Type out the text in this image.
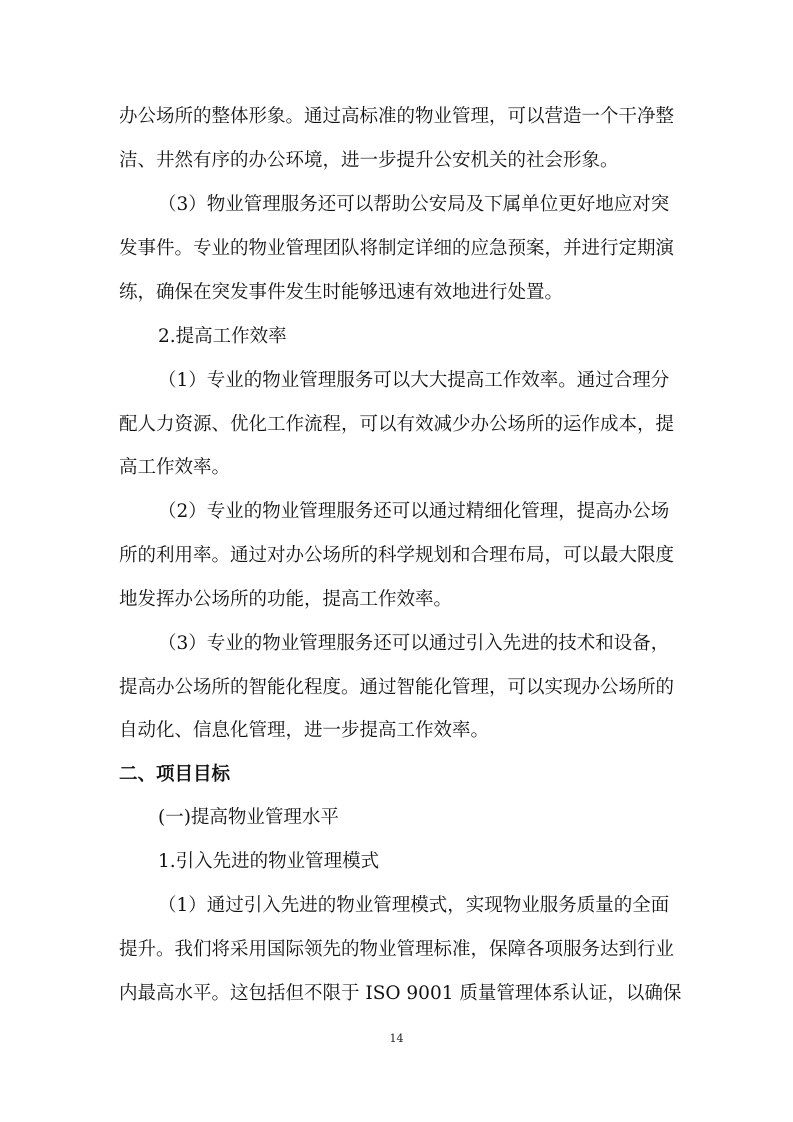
办公场所的整体形象。通过高标准的物业管理，可以营造一个干净整
洁、井然有序的办公环境，进一步提升公安机关的社会形象。
（3）物业管理服务还可以帮助公安局及下属单位更好地应对突
发事件。专业的物业管理团队将制定详细的应急预案，并进行定期演
练，确保在突发事件发生时能够迅速有效地进行处置。
2.提高工作效率
（1）专业的物业管理服务可以大大提高工作效率。通过合理分
配人力资源、优化工作流程，可以有效减少办公场所的运作成本，提
高工作效率。
（2）专业的物业管理服务还可以通过精细化管理，提高办公场
所的利用率。通过对办公场所的科学规划和合理布局，可以最大限度
地发挥办公场所的功能，提高工作效率。
（3）专业的物业管理服务还可以通过引入先进的技术和设备，
提高办公场所的智能化程度。通过智能化管理，可以实现办公场所的
自动化、信息化管理，进一步提高工作效率。
二、项目目标
(一)提高物业管理水平
1.引入先进的物业管理模式
（1）通过引入先进的物业管理模式，实现物业服务质量的全面
提升。我们将采用国际领先的物业管理标准，保障各项服务达到行业
内最高水平。这包括但不限于 ISO 9001 质量管理体系认证，以确保
14
